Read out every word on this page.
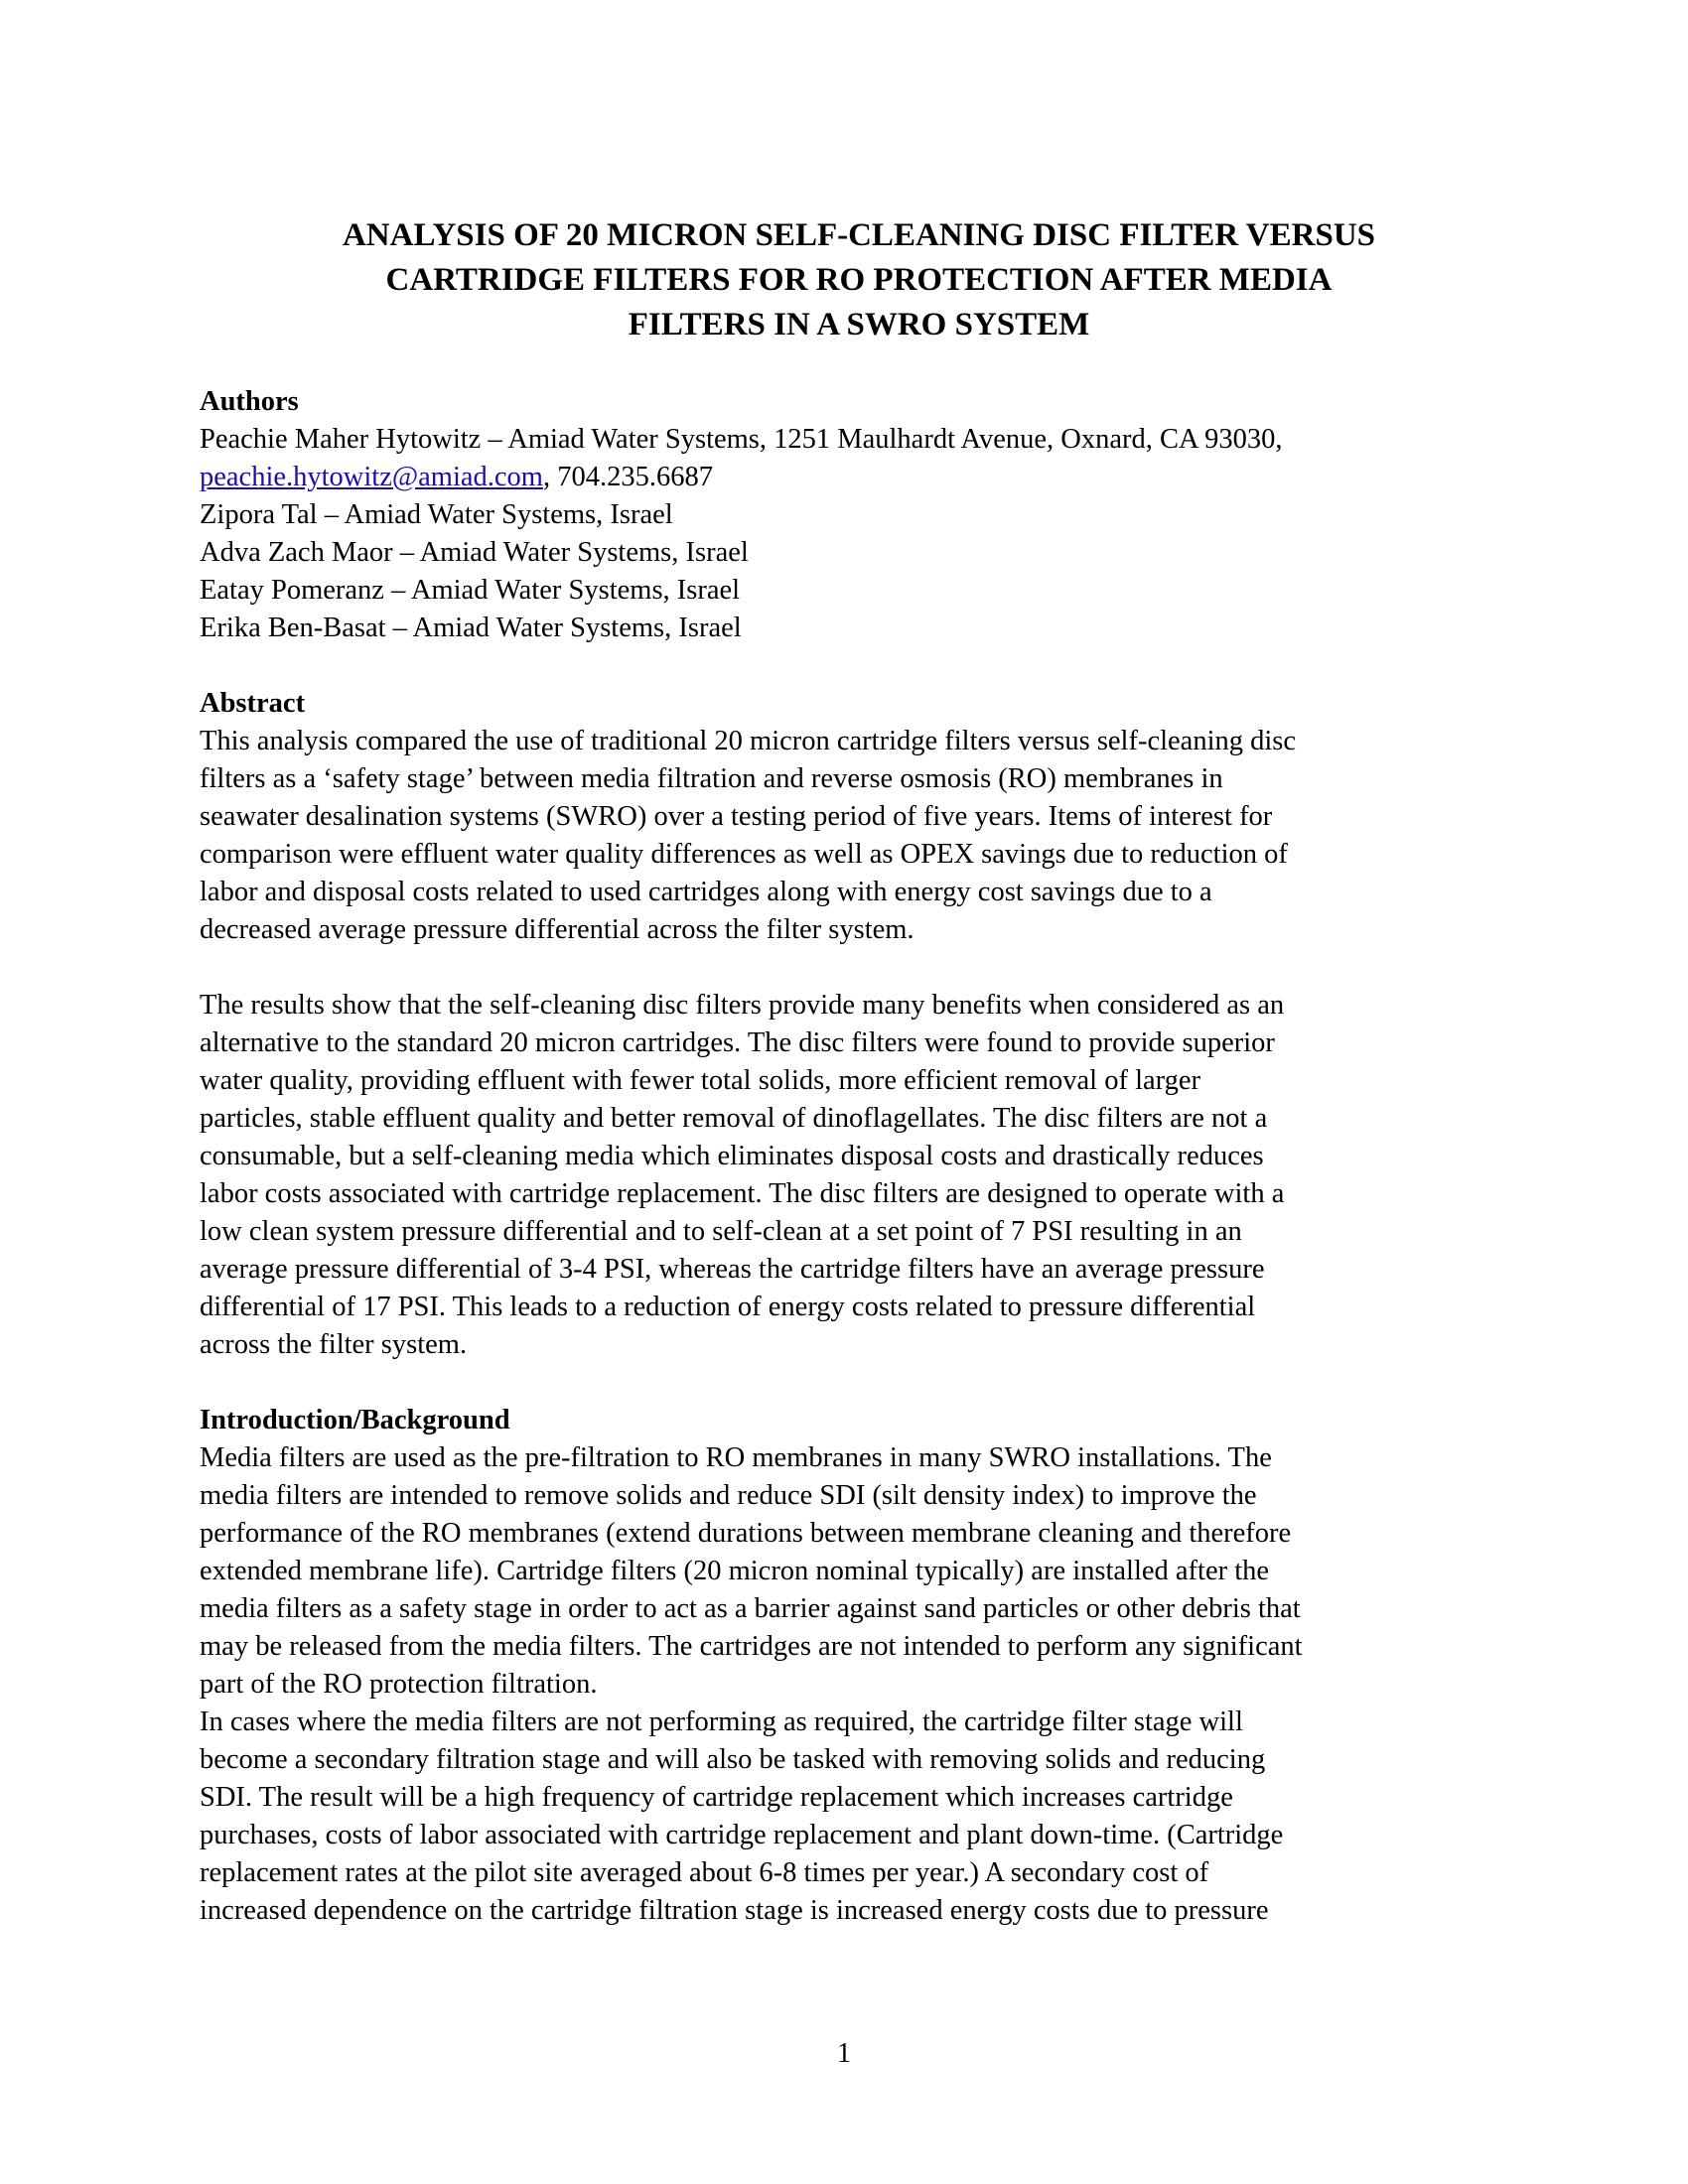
ANALYSIS OF 20 MICRON SELF-CLEANING DISC FILTER VERSUS
CARTRIDGE FILTERS FOR RO PROTECTION AFTER MEDIA
FILTERS IN A SWRO SYSTEM
Authors
Peachie Maher Hytowitz – Amiad Water Systems, 1251 Maulhardt Avenue, Oxnard, CA 93030,
peachie.hytowitz@amiad.com, 704.235.6687
Zipora Tal – Amiad Water Systems, Israel
Adva Zach Maor – Amiad Water Systems, Israel
Eatay Pomeranz – Amiad Water Systems, Israel
Erika Ben-Basat – Amiad Water Systems, Israel
Abstract
This analysis compared the use of traditional 20 micron cartridge filters versus self-cleaning disc
filters as a ‘safety stage’ between media filtration and reverse osmosis (RO) membranes in
seawater desalination systems (SWRO) over a testing period of five years. Items of interest for
comparison were effluent water quality differences as well as OPEX savings due to reduction of
labor and disposal costs related to used cartridges along with energy cost savings due to a
decreased average pressure differential across the filter system.
The results show that the self-cleaning disc filters provide many benefits when considered as an
alternative to the standard 20 micron cartridges. The disc filters were found to provide superior
water quality, providing effluent with fewer total solids, more efficient removal of larger
particles, stable effluent quality and better removal of dinoflagellates. The disc filters are not a
consumable, but a self-cleaning media which eliminates disposal costs and drastically reduces
labor costs associated with cartridge replacement. The disc filters are designed to operate with a
low clean system pressure differential and to self-clean at a set point of 7 PSI resulting in an
average pressure differential of 3-4 PSI, whereas the cartridge filters have an average pressure
differential of 17 PSI. This leads to a reduction of energy costs related to pressure differential
across the filter system.
Introduction/Background
Media filters are used as the pre-filtration to RO membranes in many SWRO installations. The
media filters are intended to remove solids and reduce SDI (silt density index) to improve the
performance of the RO membranes (extend durations between membrane cleaning and therefore
extended membrane life). Cartridge filters (20 micron nominal typically) are installed after the
media filters as a safety stage in order to act as a barrier against sand particles or other debris that
may be released from the media filters. The cartridges are not intended to perform any significant
part of the RO protection filtration.
In cases where the media filters are not performing as required, the cartridge filter stage will
become a secondary filtration stage and will also be tasked with removing solids and reducing
SDI. The result will be a high frequency of cartridge replacement which increases cartridge
purchases, costs of labor associated with cartridge replacement and plant down-time. (Cartridge
replacement rates at the pilot site averaged about 6-8 times per year.) A secondary cost of
increased dependence on the cartridge filtration stage is increased energy costs due to pressure
1
